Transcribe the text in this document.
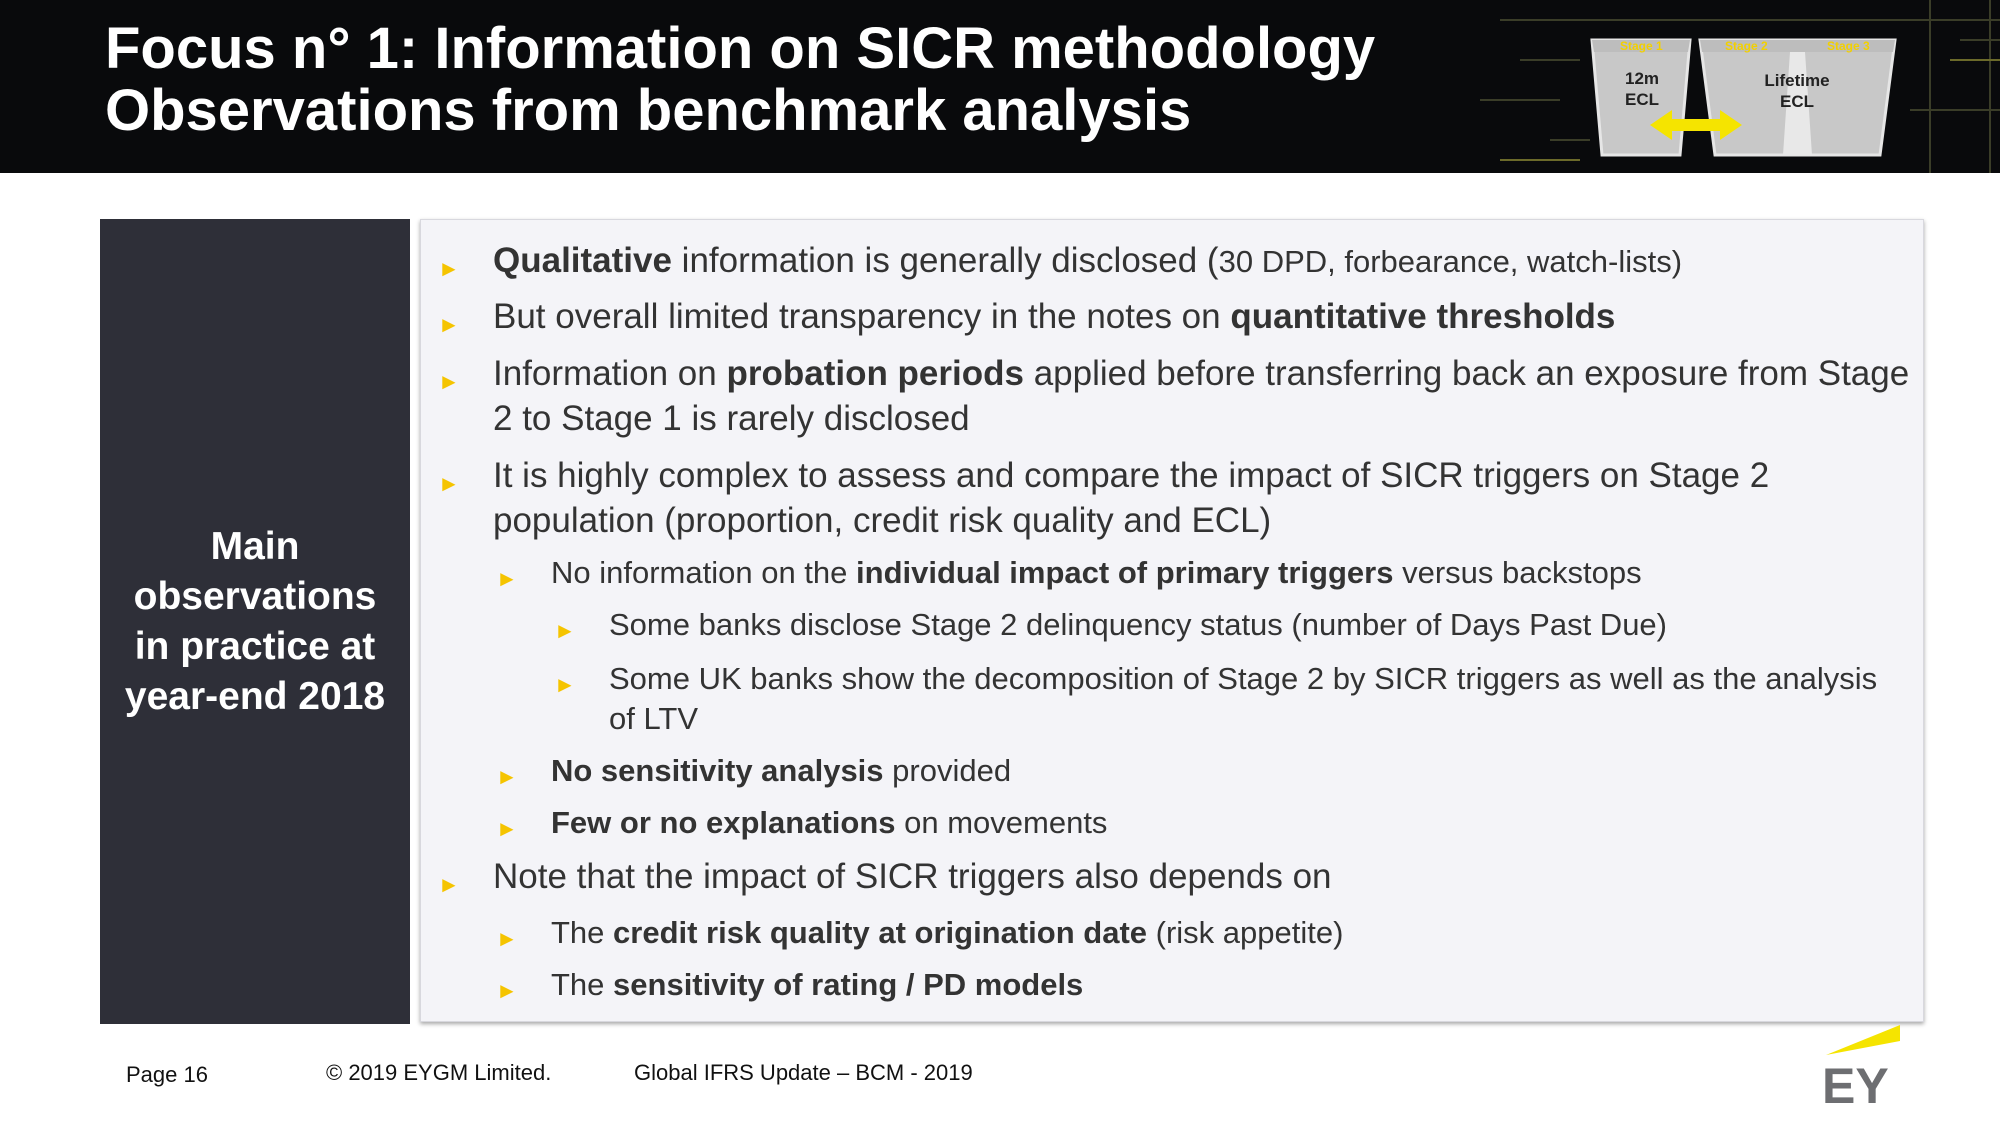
Focus n° 1: Information on SICR methodology
Observations from benchmark analysis
Stage 1	Stage 2	Stage 3
12m
ECL
Lifetime
ECL

Main observations in practice at year-end 2018

► Qualitative information is generally disclosed (30 DPD, forbearance, watch-lists)
► But overall limited transparency in the notes on quantitative thresholds
► Information on probation periods applied before transferring back an exposure from Stage 2 to Stage 1 is rarely disclosed
► It is highly complex to assess and compare the impact of SICR triggers on Stage 2 population (proportion, credit risk quality and ECL)
► No information on the individual impact of primary triggers versus backstops
► Some banks disclose Stage 2 delinquency status (number of Days Past Due)
► Some UK banks show the decomposition of Stage 2 by SICR triggers as well as the analysis of LTV
► No sensitivity analysis provided
► Few or no explanations on movements
► Note that the impact of SICR triggers also depends on
► The credit risk quality at origination date (risk appetite)
► The sensitivity of rating / PD models
Page 16	© 2019 EYGM Limited.	Global IFRS Update – BCM - 2019	EY
